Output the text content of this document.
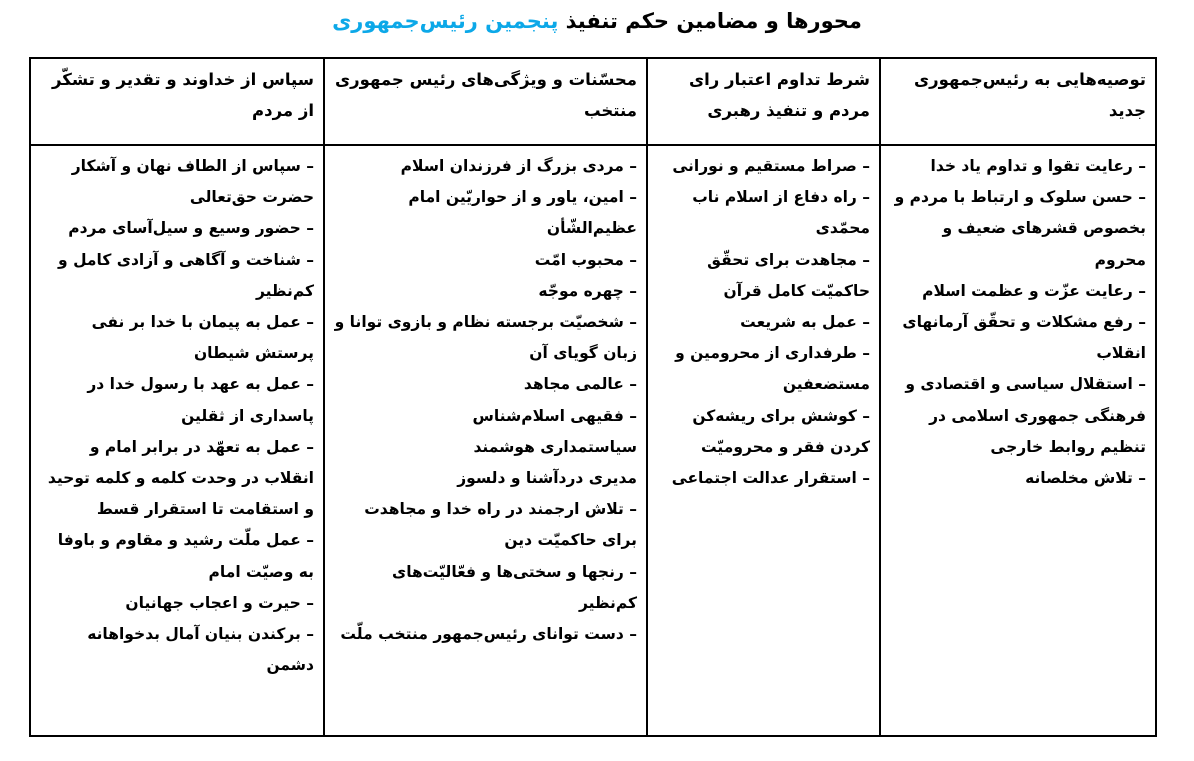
محورها و مضامین حکم تنفیذ پنجمین رئیس‌جمهوری
توصیه‌هایی به رئیس‌جمهوری جدید	شرط تداوم اعتبار رای مردم و تنفیذ رهبری	محسّنات و ویژگی‌های رئیس جمهوری منتخب	سپاس از خداوند و تقدیر و تشکّر از مردم

– رعایت تقوا و تداوم یاد خدا
– حسن سلوک و ارتباط با مردم و بخصوص قشرهای ضعیف و محروم
– رعایت عزّت و عظمت اسلام
– رفع مشکلات و تحقّق آرمانهای انقلاب
– استقلال سیاسی و اقتصادی و فرهنگی جمهوری اسلامی در تنظیم روابط خارجی
– تلاش مخلصانه

– صراط مستقیم و نورانی
– راه دفاع از اسلام ناب محمّدی
– مجاهدت برای تحقّق حاکمیّت کامل قرآن
– عمل به شریعت
– طرفداری از محرومین و مستضعفین
– کوشش برای ریشه‌کن کردن فقر و محرومیّت
– استقرار عدالت اجتماعی

– مردی بزرگ از فرزندان اسلام
– امین، یاور و از حواریّین امام عظیم‌الشّأن
– محبوب امّت
– چهره موجّه
– شخصیّت برجسته نظام و بازوی توانا و زبان گویای آن
– عالمی مجاهد
– فقیهی اسلام‌شناس
سیاستمداری هوشمند
مدیری دردآشنا و دلسوز
– تلاش ارجمند در راه خدا و مجاهدت برای حاکمیّت دین
– رنجها و سختی‌ها و فعّالیّت‌های کم‌نظیر
– دست توانای رئیس‌جمهور منتخب ملّت

– سپاس از الطاف نهان و آشکار حضرت حق‌تعالی
– حضور وسیع و سیل‌آسای مردم
– شناخت و آگاهی و آزادی کامل و کم‌نظیر
– عمل به پیمان با خدا بر نفی پرستش شیطان
– عمل به عهد با رسول خدا در پاسداری از ثقلین
– عمل به تعهّد در برابر امام و انقلاب در وحدت کلمه و کلمه توحید و استقامت تا استقرار قسط
– عمل ملّت رشید و مقاوم و باوفا به وصیّت امام
– حیرت و اعجاب جهانیان
– برکندن بنیان آمال بدخواهانه دشمن
